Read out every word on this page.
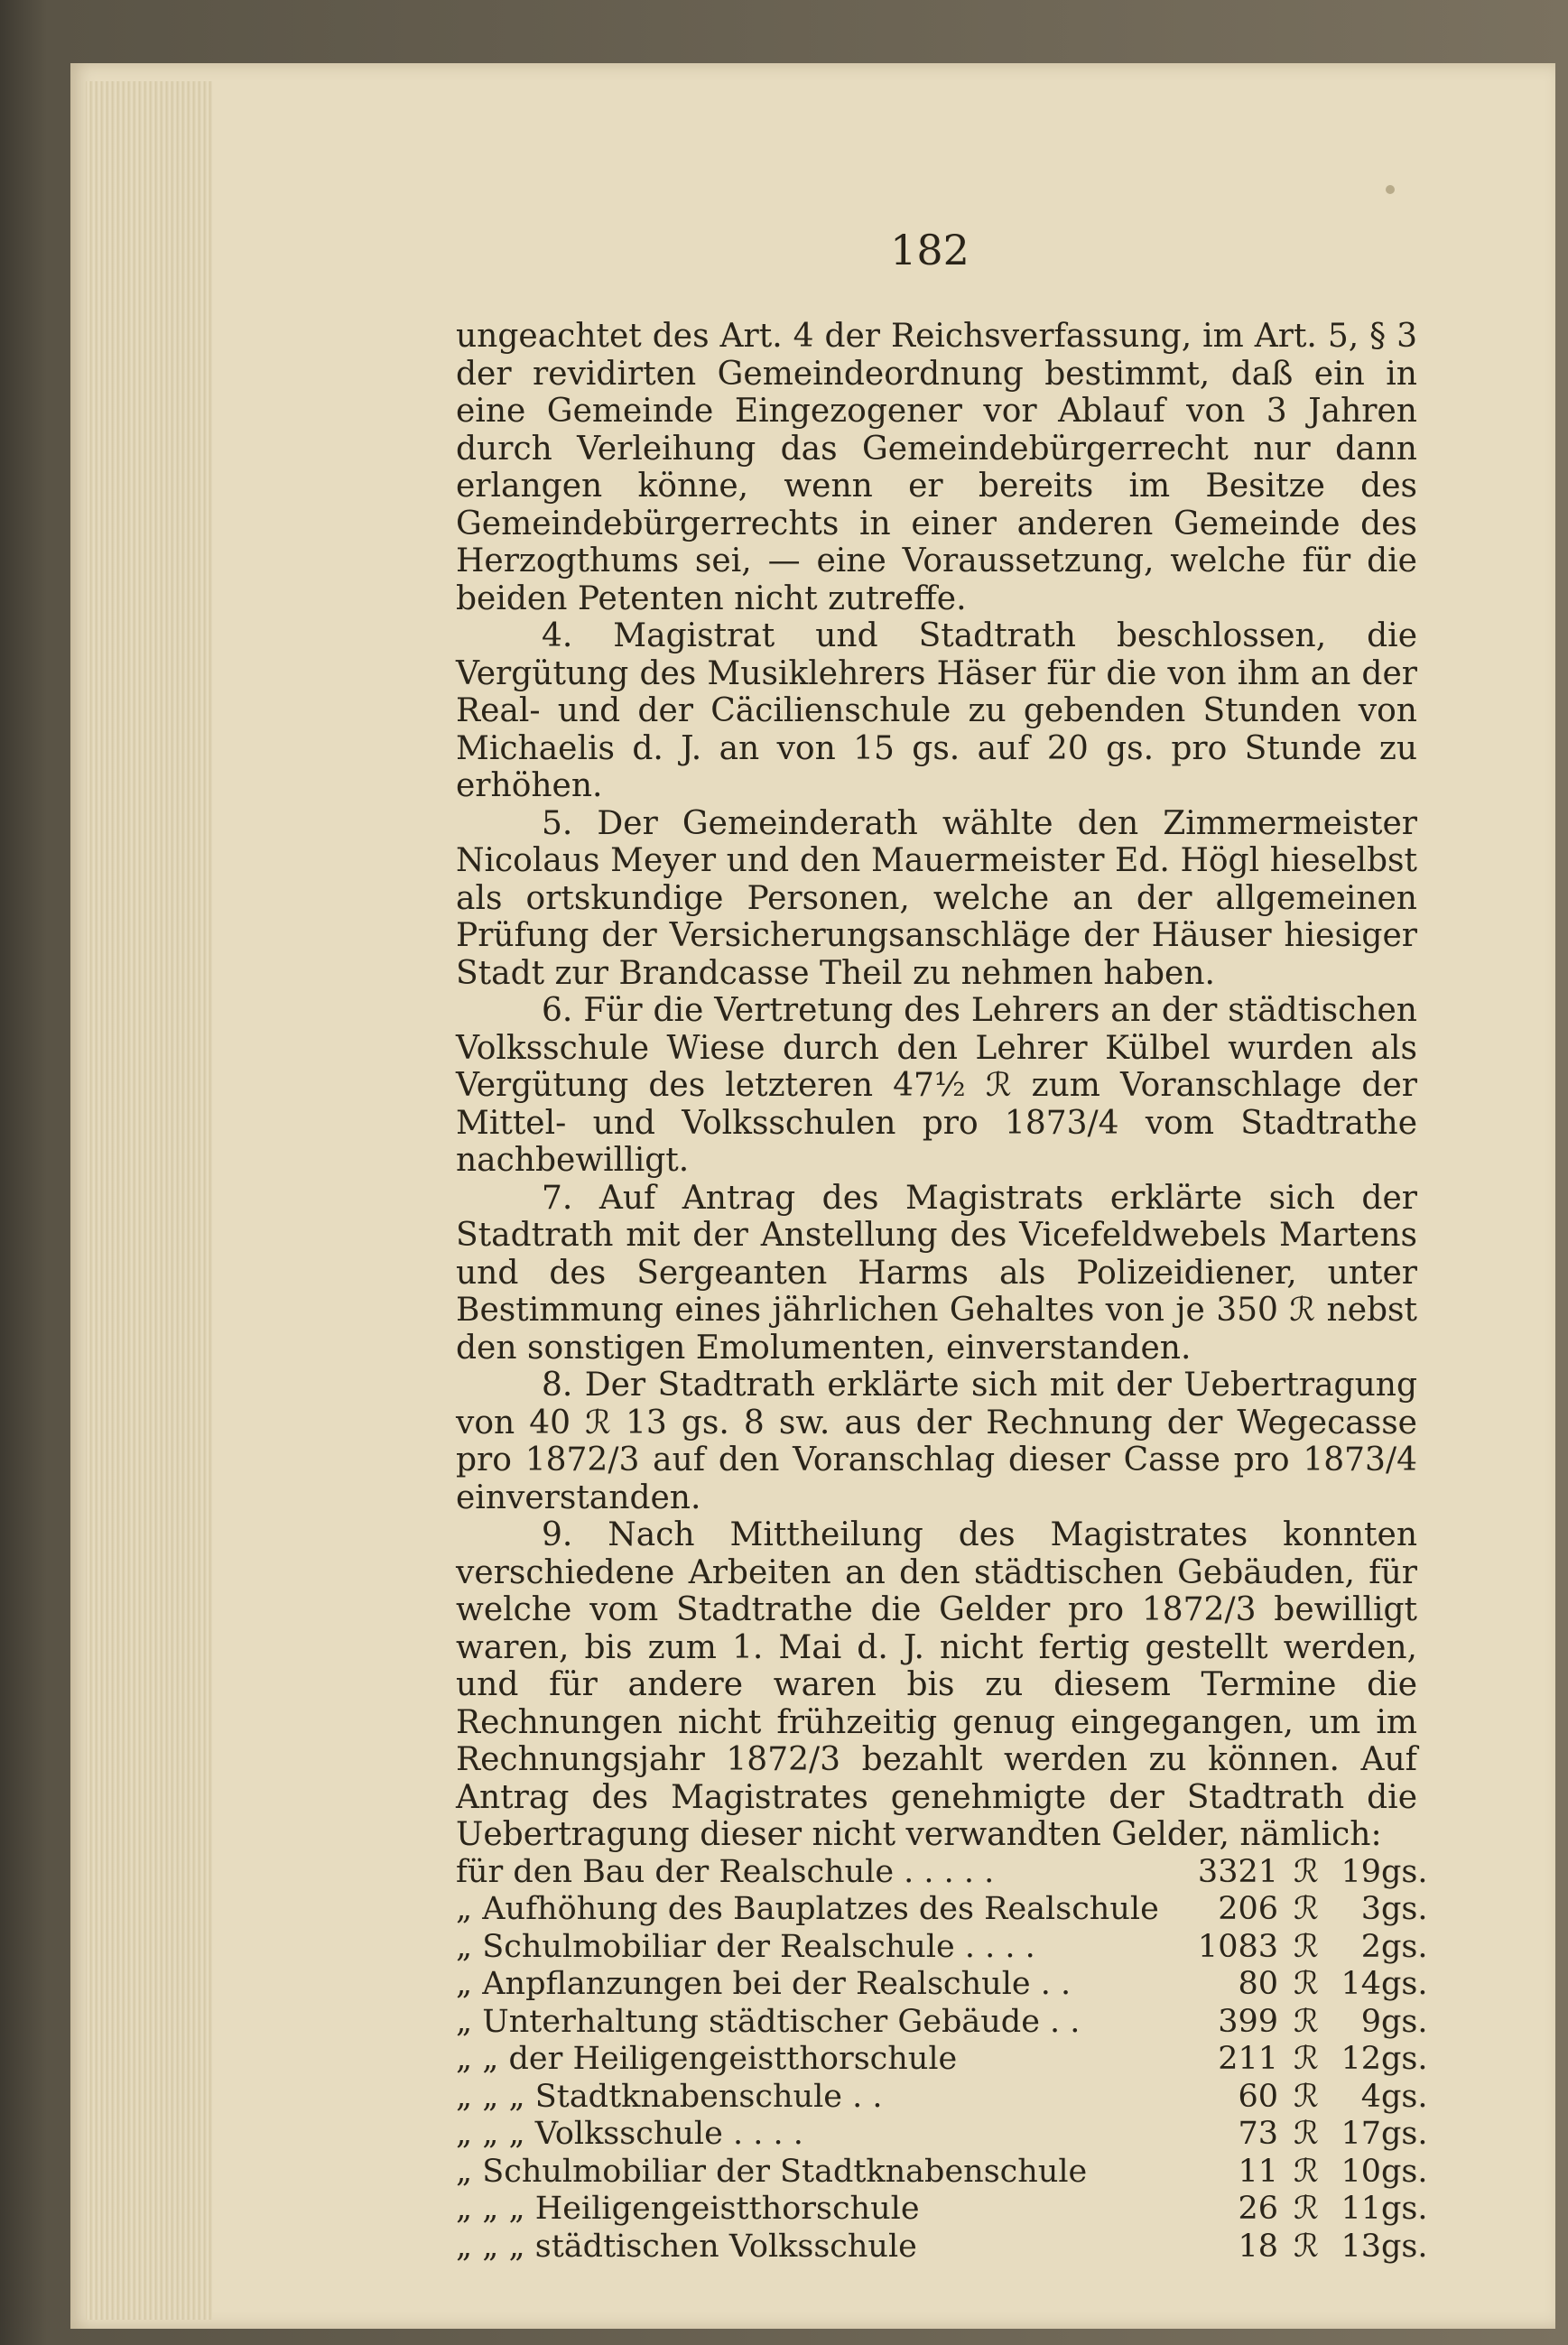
182

ungeachtet des Art. 4 der Reichsverfassung, im Art. 5, § 3 der revidirten Gemeindeordnung bestimmt, daß ein in eine Gemeinde Eingezogener vor Ablauf von 3 Jahren durch Verleihung das Gemeindebürgerrecht nur dann erlangen könne, wenn er bereits im Besitze des Gemeindebürgerrechts in einer anderen Gemeinde des Herzogthums sei, — eine Voraussetzung, welche für die beiden Petenten nicht zutreffe.

4. Magistrat und Stadtrath beschlossen, die Vergütung des Musiklehrers Häser für die von ihm an der Real- und der Cäcilienschule zu gebenden Stunden von Michaelis d. J. an von 15 gs. auf 20 gs. pro Stunde zu erhöhen.

5. Der Gemeinderath wählte den Zimmermeister Nicolaus Meyer und den Mauermeister Ed. Högl hieselbst als ortskundige Personen, welche an der allgemeinen Prüfung der Versicherungsanschläge der Häuser hiesiger Stadt zur Brandcasse Theil zu nehmen haben.

6. Für die Vertretung des Lehrers an der städtischen Volksschule Wiese durch den Lehrer Külbel wurden als Vergütung des letzteren 47½ ℛ zum Voranschlage der Mittel- und Volksschulen pro 1873/4 vom Stadtrathe nachbewilligt.

7. Auf Antrag des Magistrats erklärte sich der Stadtrath mit der Anstellung des Vicefeldwebels Martens und des Sergeanten Harms als Polizeidiener, unter Bestimmung eines jährlichen Gehaltes von je 350 ℛ nebst den sonstigen Emolumenten, einverstanden.

8. Der Stadtrath erklärte sich mit der Uebertragung von 40 ℛ 13 gs. 8 sw. aus der Rechnung der Wegecasse pro 1872/3 auf den Voranschlag dieser Casse pro 1873/4 einverstanden.

9. Nach Mittheilung des Magistrates konnten verschiedene Arbeiten an den städtischen Gebäuden, für welche vom Stadtrathe die Gelder pro 1872/3 bewilligt waren, bis zum 1. Mai d. J. nicht fertig gestellt werden, und für andere waren bis zu diesem Termine die Rechnungen nicht frühzeitig genug eingegangen, um im Rechnungsjahr 1872/3 bezahlt werden zu können. Auf Antrag des Magistrates genehmigte der Stadtrath die Uebertragung dieser nicht verwandten Gelder, nämlich:

für den Bau der Realschule . . . . .	3321 ℛ 19 gs.
„ Aufhöhung des Bauplatzes des Realschule	206 ℛ	3 gs.
„ Schulmobiliar der Realschule . . . .	1083 ℛ	2 gs.
„ Anpflanzungen bei der Realschule . .	80 ℛ 14 gs.
„ Unterhaltung städtischer Gebäude . .	399 ℛ	9 gs.
„ „ der Heiligengeistthorschule	211 ℛ 12 gs.
„ „ „ Stadtknabenschule . .	60 ℛ	4 gs.
„ „ „ Volksschule . . . .	73 ℛ 17 gs.
„ Schulmobiliar der Stadtknabenschule	11 ℛ 10 gs.
„ „ „ Heiligengeistthorschule	26 ℛ 11 gs.
„ „ „ städtischen Volksschule	18 ℛ 13 gs.
